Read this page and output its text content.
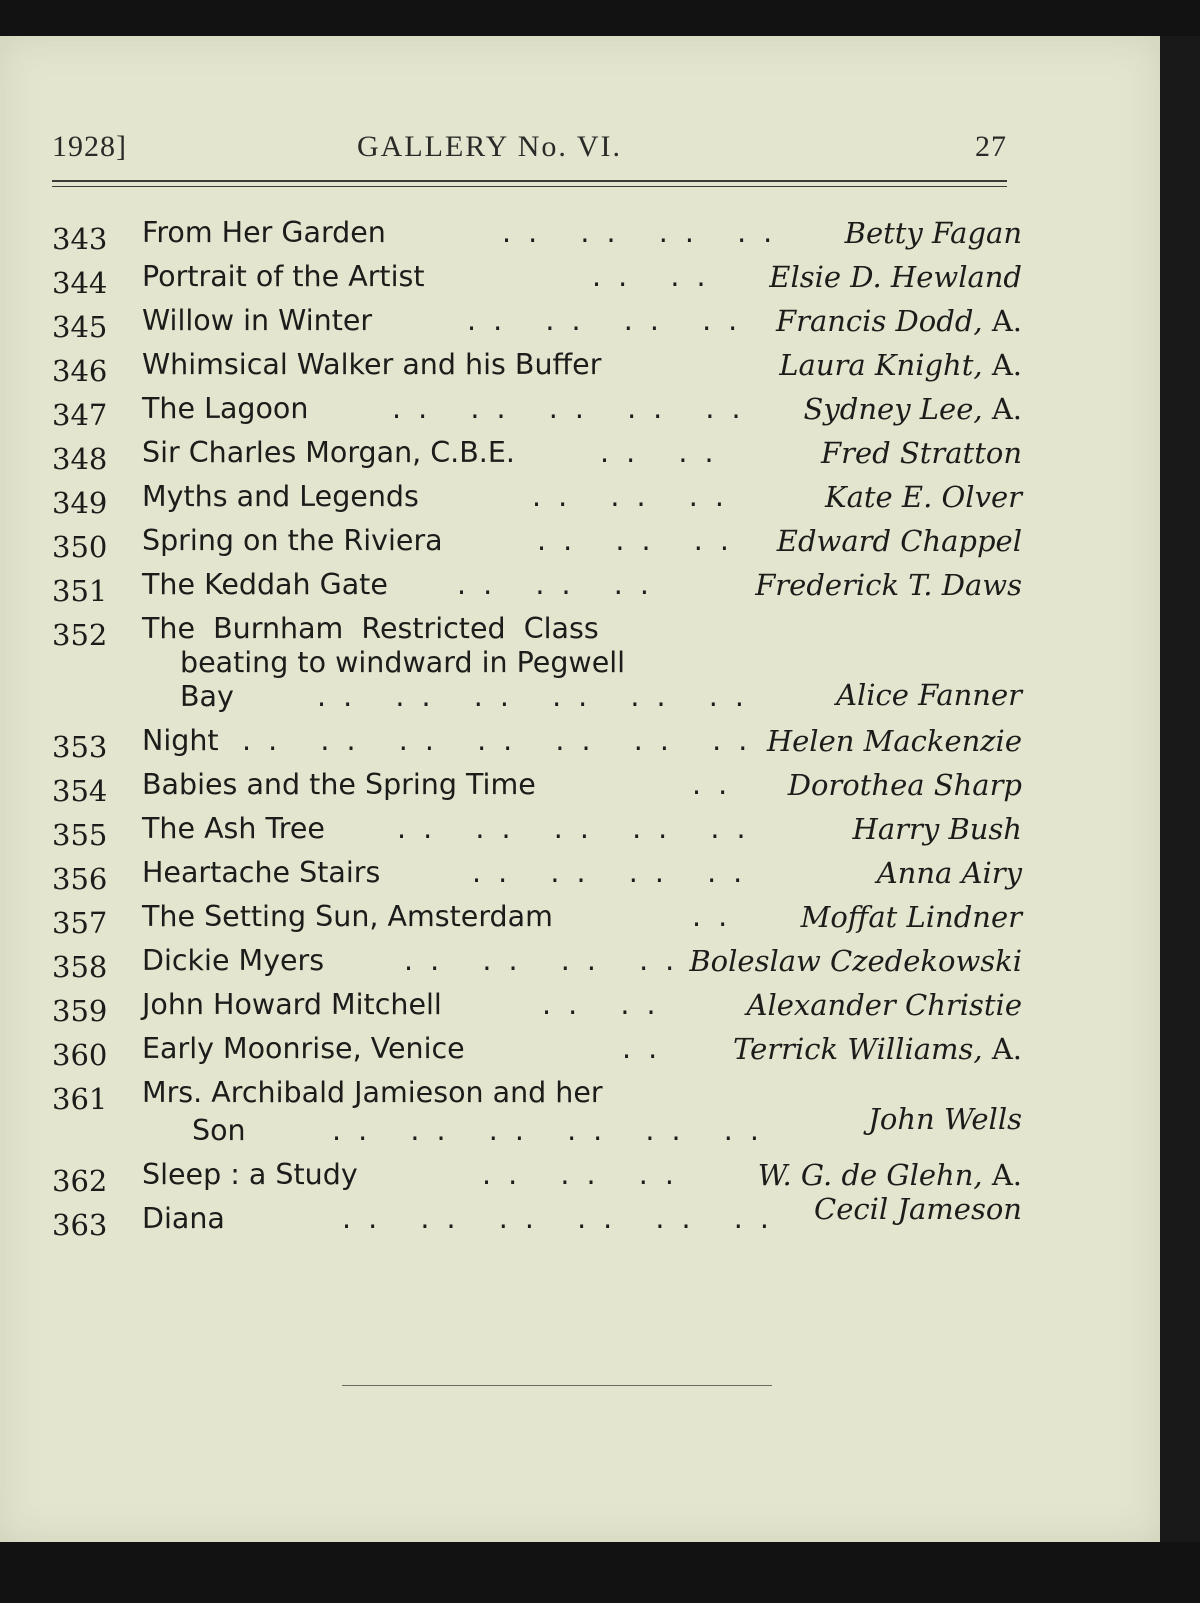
1928]	GALLERY No. VI.	27
343 From Her Garden	. .   . .   . .   . . Betty Fagan
344 Portrait of the Artist	. .   . . Elsie D. Hewland
345 Willow in Winter	. .   . .   . .   . . Francis Dodd, A.
346 Whimsical Walker and his Buffer	Laura Knight, A.
347 The Lagoon	. .   . .   . .   . .   . . Sydney Lee, A.
348 Sir Charles Morgan, C.B.E.	. .   . .	Fred Stratton
349 Myths and Legends	. .   . .   . .	Kate E. Olver
350 Spring on the Riviera	. .   . .   . . Edward Chappel
351 The Keddah Gate . .   . .   . .	Frederick T. Daws
352 The  Burnham  Restricted  Class
beating to windward in Pegwell
Bay	. .   . .   . .   . .   . .   . .	Alice Fanner
353 Night . .   . .   . .   . .   . .   . .   . . Helen Mackenzie
354 Babies and the Spring Time	. . Dorothea Sharp
355 The Ash Tree	. .   . .   . .   . .   . .	Harry Bush
356 Heartache Stairs	. .   . .   . .   . .	Anna Airy
357 The Setting Sun, Amsterdam	. . Moffat Lindner
358 Dickie Myers	. .   . .   . .   . . Boleslaw Czedekowski
359 John Howard Mitchell	. .   . .	Alexander Christie
360 Early Moonrise, Venice	. . Terrick Williams, A.
361 Mrs. Archibald Jamieson and her
Son	. .   . .   . .   . .   . .   . .	John Wells
362 Sleep : a Study	. .   . .   . .	W. G. de Glehn, A.
363 Diana	. .   . .   . .   . .   . .   . . Cecil Jameson
